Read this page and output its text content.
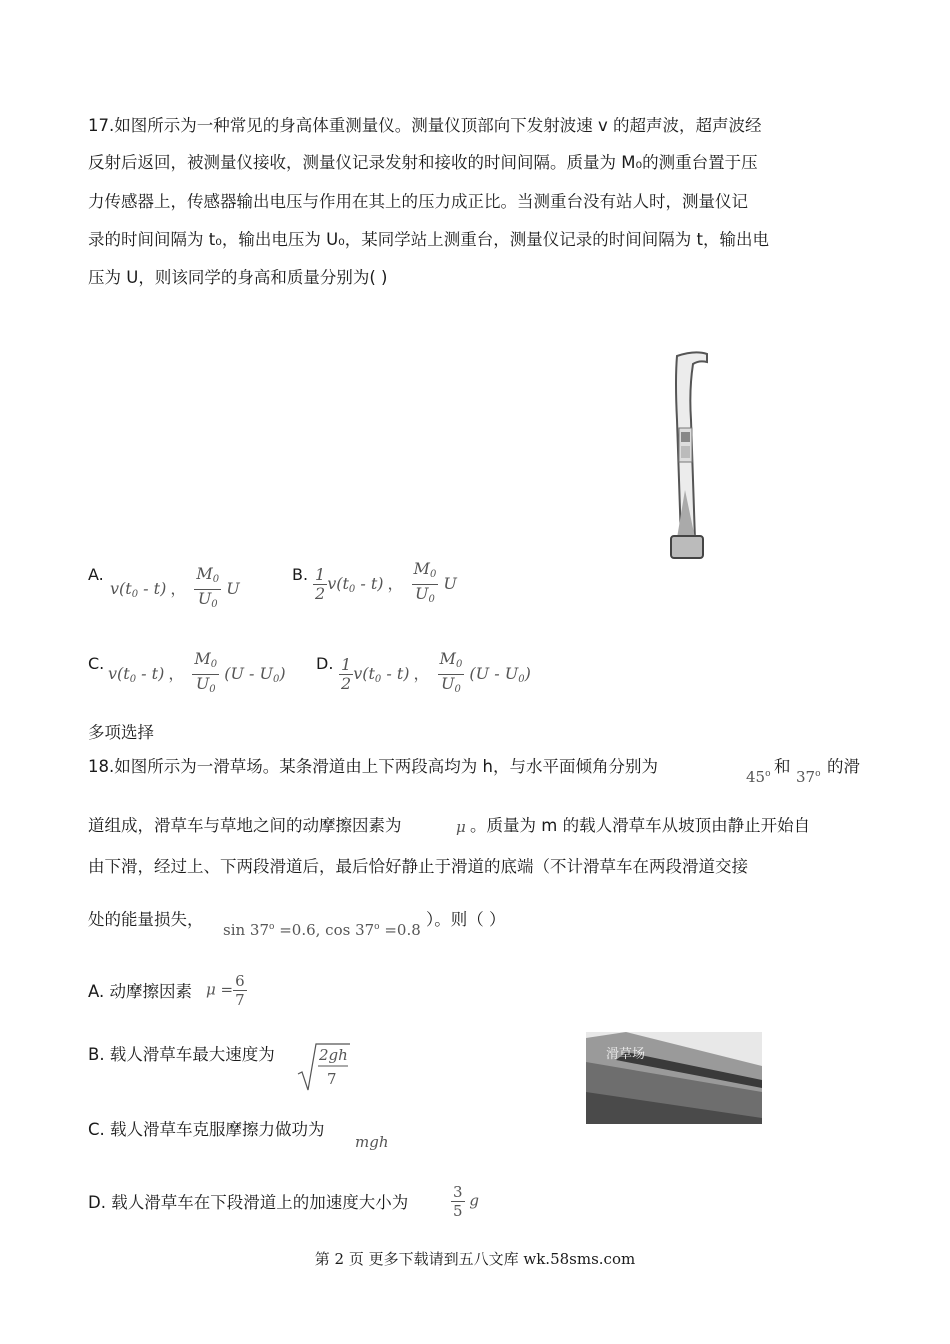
17.如图所示为一种常见的身高体重测量仪。测量仪顶部向下发射波速 v 的超声波，超声波经
反射后返回，被测量仪接收，测量仪记录发射和接收的时间间隔。质量为 M₀的测重台置于压
力传感器上，传感器输出电压与作用在其上的压力成正比。当测重台没有站人时，测量仪记
录的时间间隔为 t₀，输出电压为 U₀，某同学站上测重台，测量仪记录的时间间隔为 t，输出电
压为 U，则该同学的身高和质量分别为( )
A.
$v(t_0 - t)$ ， $\frac{M_0}{U_0}$ U
B. $\frac{1}{2} v(t_0 - t)$ ， $\frac{M_0}{U_0}$ U
C.
$v(t_0 - t)$ ， $\frac{M_0}{U_0} (U - U_0)$
D. $\frac{1}{2} v(t_0 - t)$ ， $\frac{M_0}{U_0} (U - U_0)$
多项选择
18.如图所示为一滑草场。某条滑道由上下两段高均为 h，与水平面倾角分别为
45$^o$ 和
37$^o$ 的滑
道组成，滑草车与草地之间的动摩擦因素为	μ 。质量为 m 的载人滑草车从坡顶由静止开始自
由下滑，经过上、下两段滑道后，最后恰好静止于滑道的底端（不计滑草车在两段滑道交接
处的能量损失，
$\sin 37^o =0.6$, $\cos 37^o =0.8$
）。则（ ）
A. 动摩擦因素 $\mu = \frac{6}{7}$
B. 载人滑草车最大速度为	2gh
7
滑草场
C. 载人滑草车克服摩擦力做功为
mgh
D. 载人滑草车在下段滑道上的加速度大小为	$\frac{3}{5}$ g
第 2 页 更多下载请到五八文库 wk.58sms.com
